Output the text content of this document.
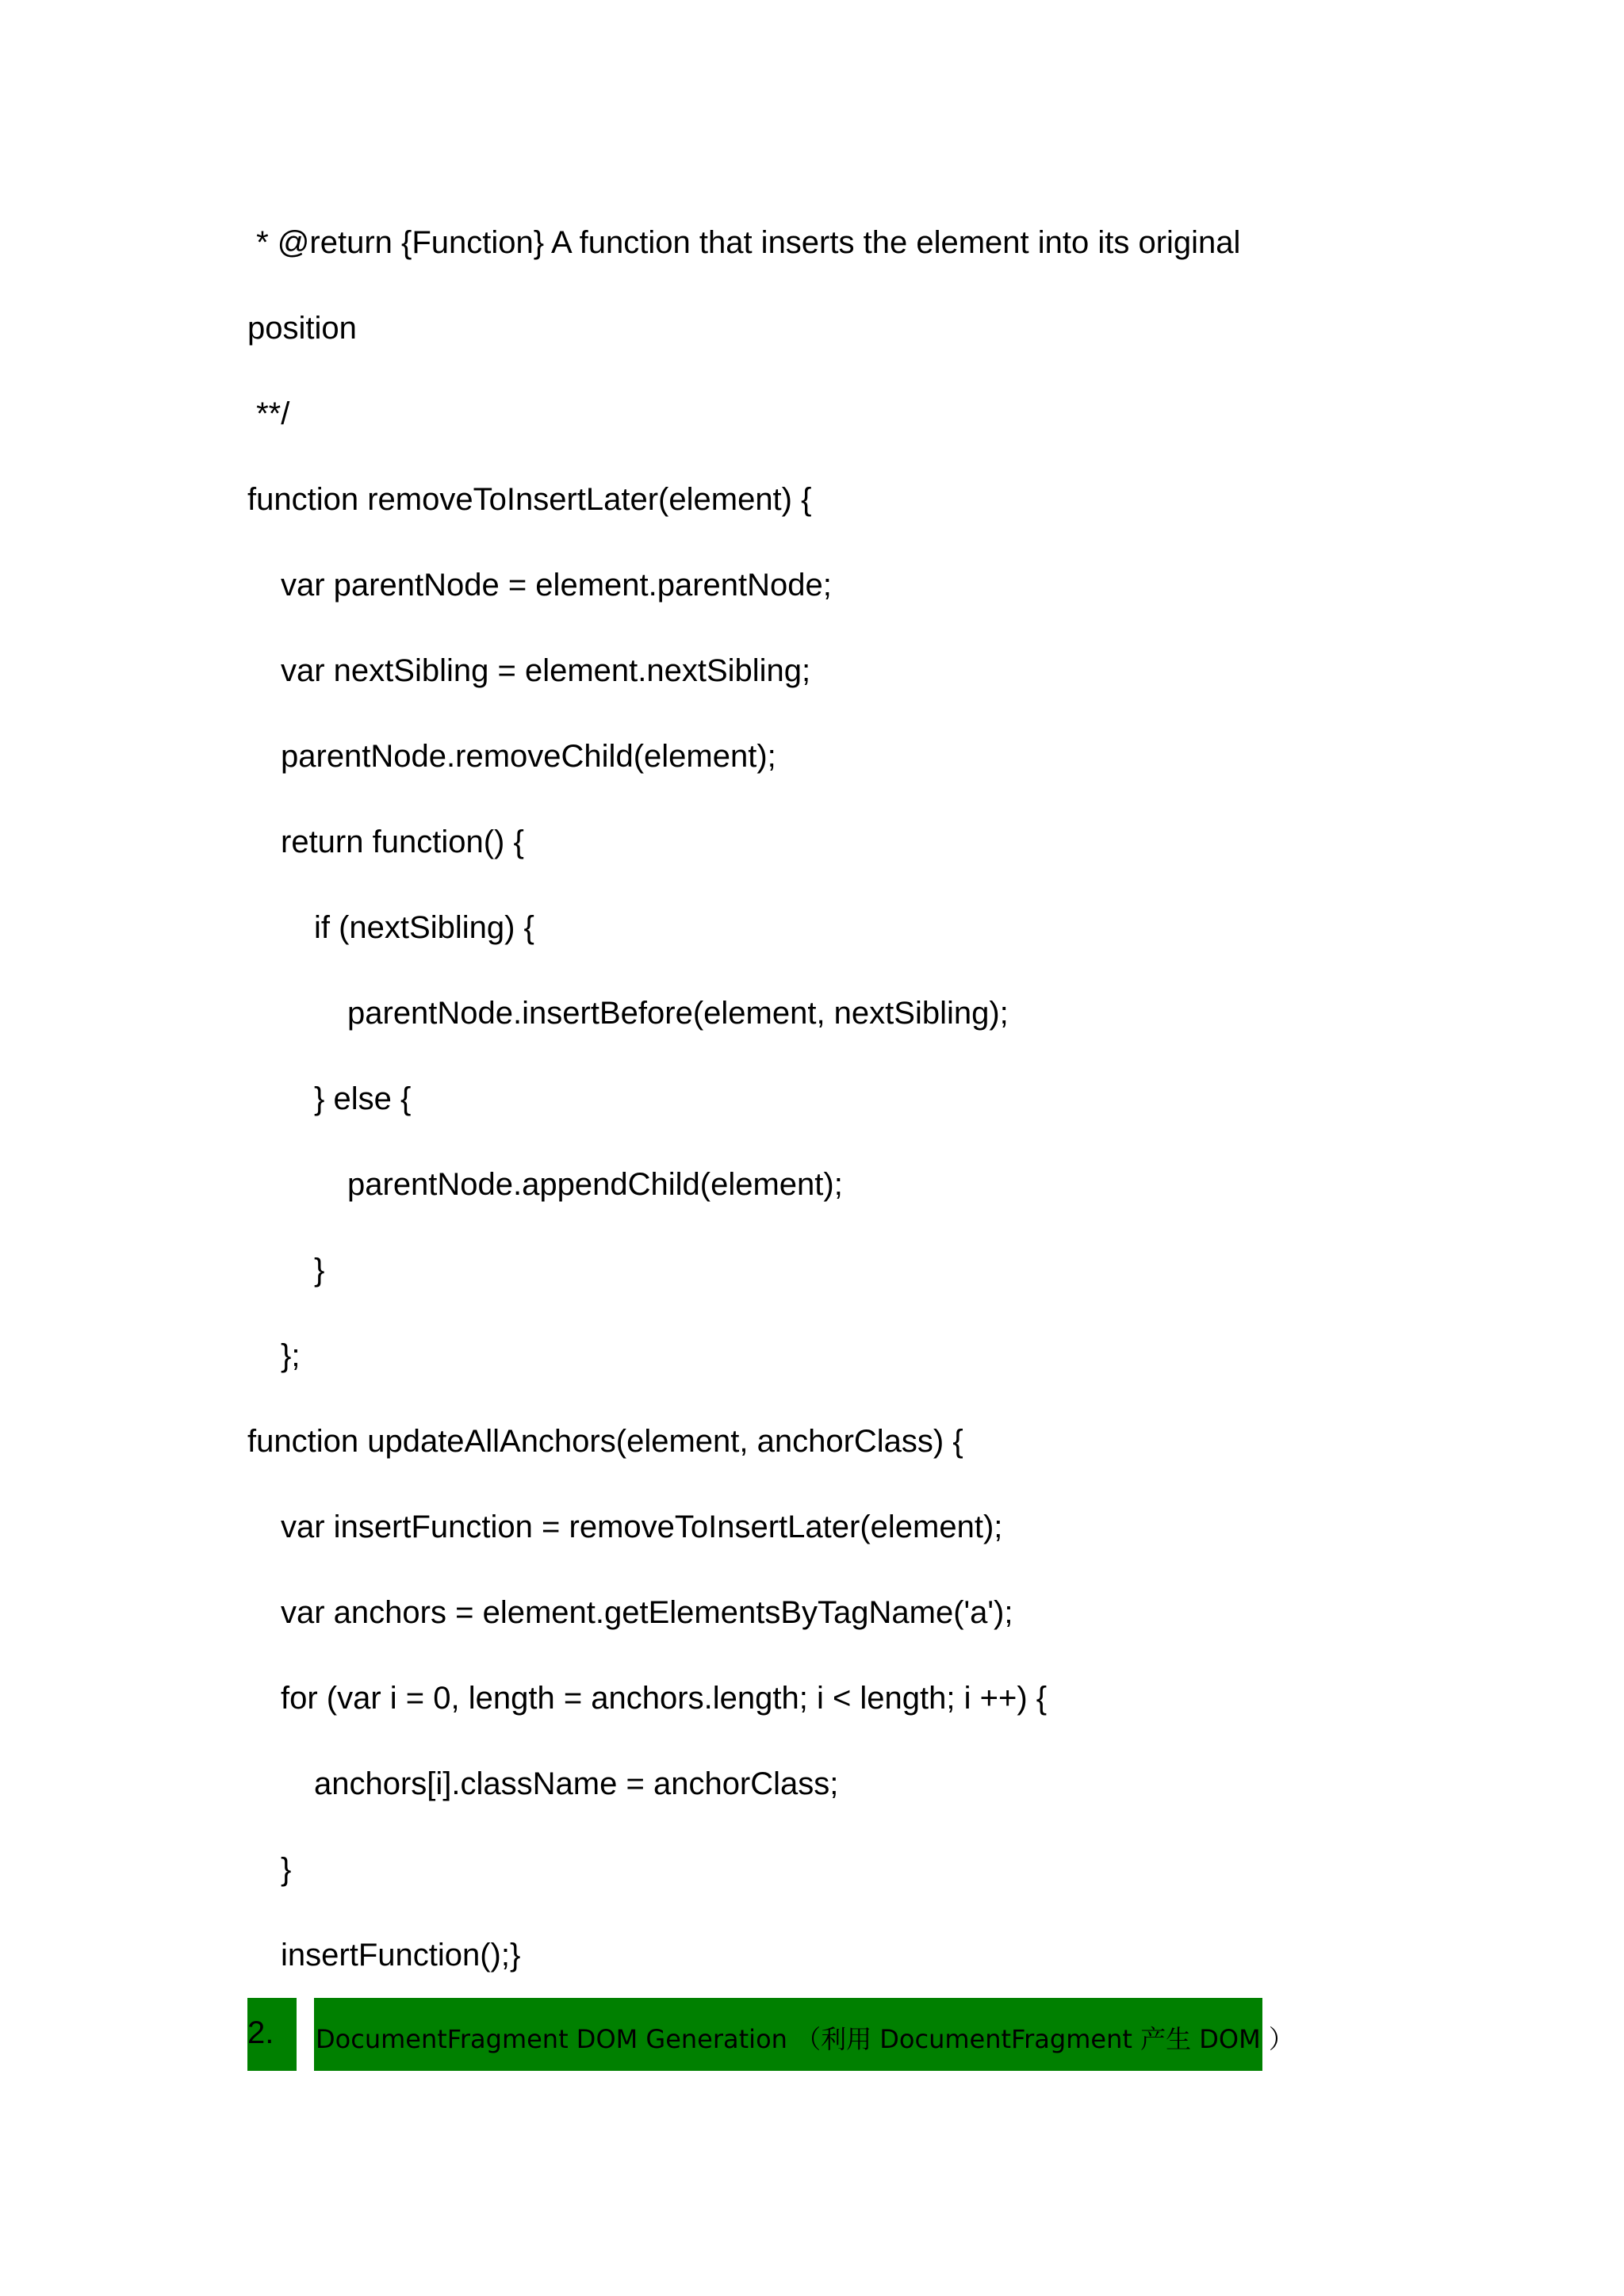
* @return {Function} A function that inserts the element into its original
position
**/
function removeToInsertLater(element) {
var parentNode = element.parentNode;
var nextSibling = element.nextSibling;
parentNode.removeChild(element);
return function() {
if (nextSibling) {
parentNode.insertBefore(element, nextSibling);
} else {
parentNode.appendChild(element);
}
};
function updateAllAnchors(element, anchorClass) {
var insertFunction = removeToInsertLater(element);
var anchors = element.getElementsByTagName('a');
for (var i = 0, length = anchors.length; i < length; i ++) {
anchors[i].className = anchorClass;
}
insertFunction();}
2. DocumentFragment DOM Generation （利用 DocumentFragment 产生 DOM ）
